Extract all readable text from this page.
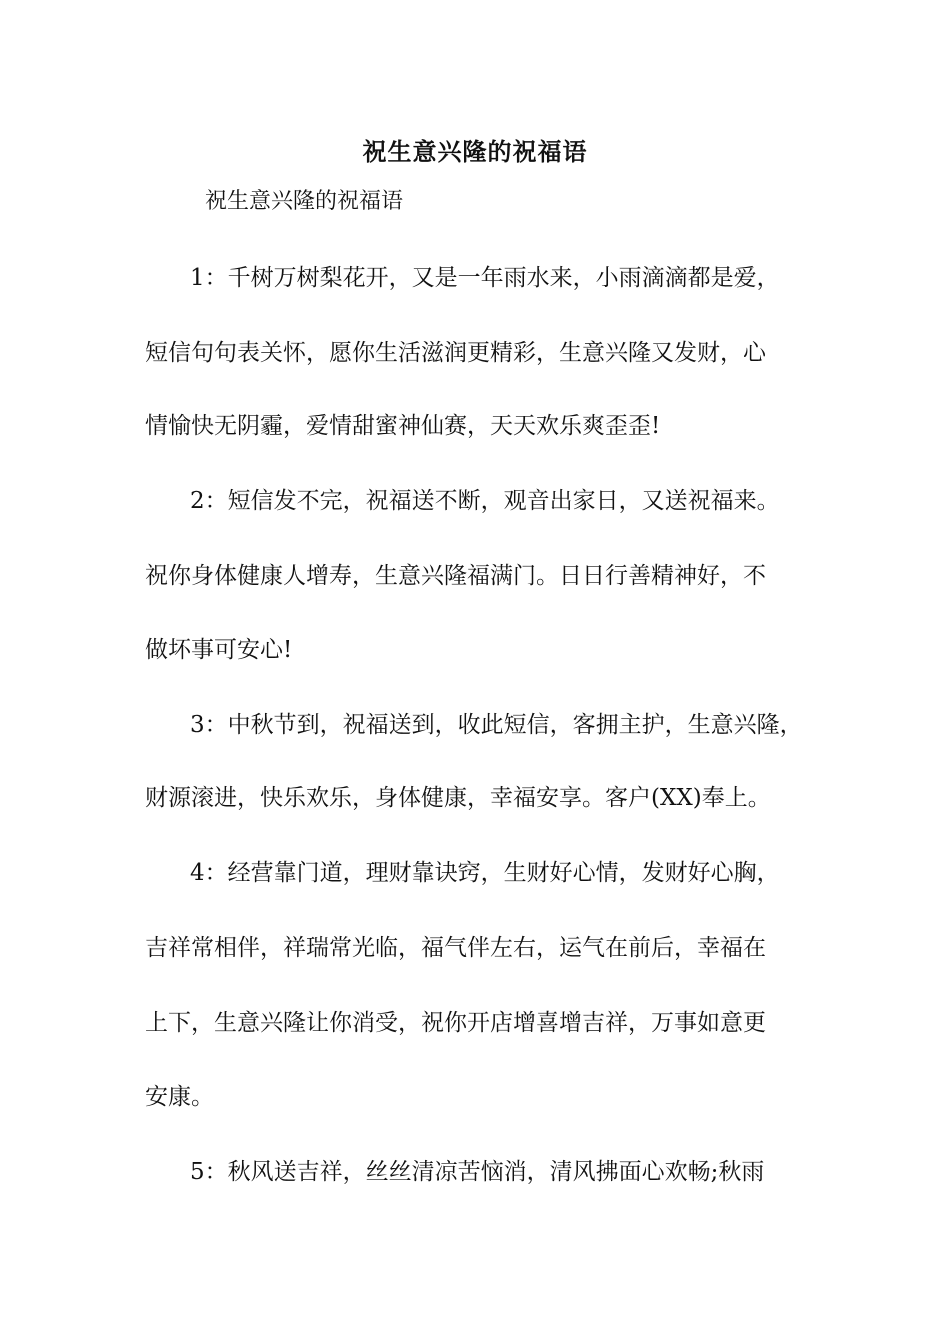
祝生意兴隆的祝福语
祝生意兴隆的祝福语
1：千树万树梨花开，又是一年雨水来，小雨滴滴都是爱，
短信句句表关怀，愿你生活滋润更精彩，生意兴隆又发财，心
情愉快无阴霾，爱情甜蜜神仙赛，天天欢乐爽歪歪!
2：短信发不完，祝福送不断，观音出家日，又送祝福来。
祝你身体健康人增寿，生意兴隆福满门。日日行善精神好，不
做坏事可安心!
3：中秋节到，祝福送到，收此短信，客拥主护，生意兴隆，
财源滚进，快乐欢乐，身体健康，幸福安享。客户(XX)奉上。
4：经营靠门道，理财靠诀窍，生财好心情，发财好心胸，
吉祥常相伴，祥瑞常光临，福气伴左右，运气在前后，幸福在
上下，生意兴隆让你消受，祝你开店增喜增吉祥，万事如意更
安康。
5：秋风送吉祥，丝丝清凉苦恼消，清风拂面心欢畅;秋雨
